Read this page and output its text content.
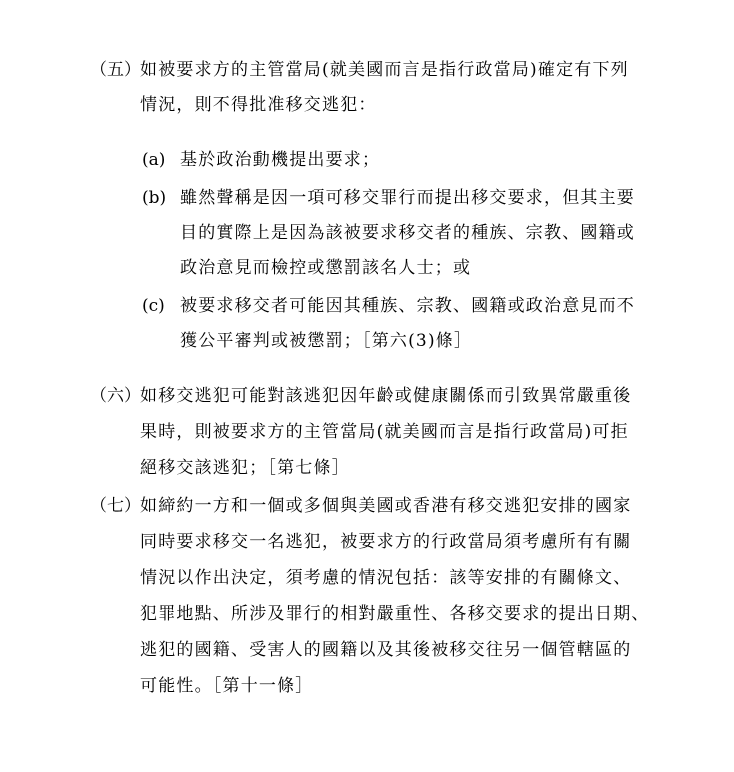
（五） 如被要求方的主管當局(就美國而言是指行政當局)確定有下列
情況，則不得批准移交逃犯：
(a) 基於政治動機提出要求；
(b) 雖然聲稱是因一項可移交罪行而提出移交要求，但其主要
目的實際上是因為該被要求移交者的種族、宗教、國籍或
政治意見而檢控或懲罰該名人士；或
(c) 被要求移交者可能因其種族、宗教、國籍或政治意見而不
獲公平審判或被懲罰；［第六(3)條］
（六） 如移交逃犯可能對該逃犯因年齡或健康關係而引致異常嚴重後
果時，則被要求方的主管當局(就美國而言是指行政當局)可拒
絕移交該逃犯；［第七條］
（七） 如締約一方和一個或多個與美國或香港有移交逃犯安排的國家
同時要求移交一名逃犯，被要求方的行政當局須考慮所有有關
情況以作出決定，須考慮的情況包括：該等安排的有關條文、
犯罪地點、所涉及罪行的相對嚴重性、各移交要求的提出日期、
逃犯的國籍、受害人的國籍以及其後被移交往另一個管轄區的
可能性。［第十一條］
